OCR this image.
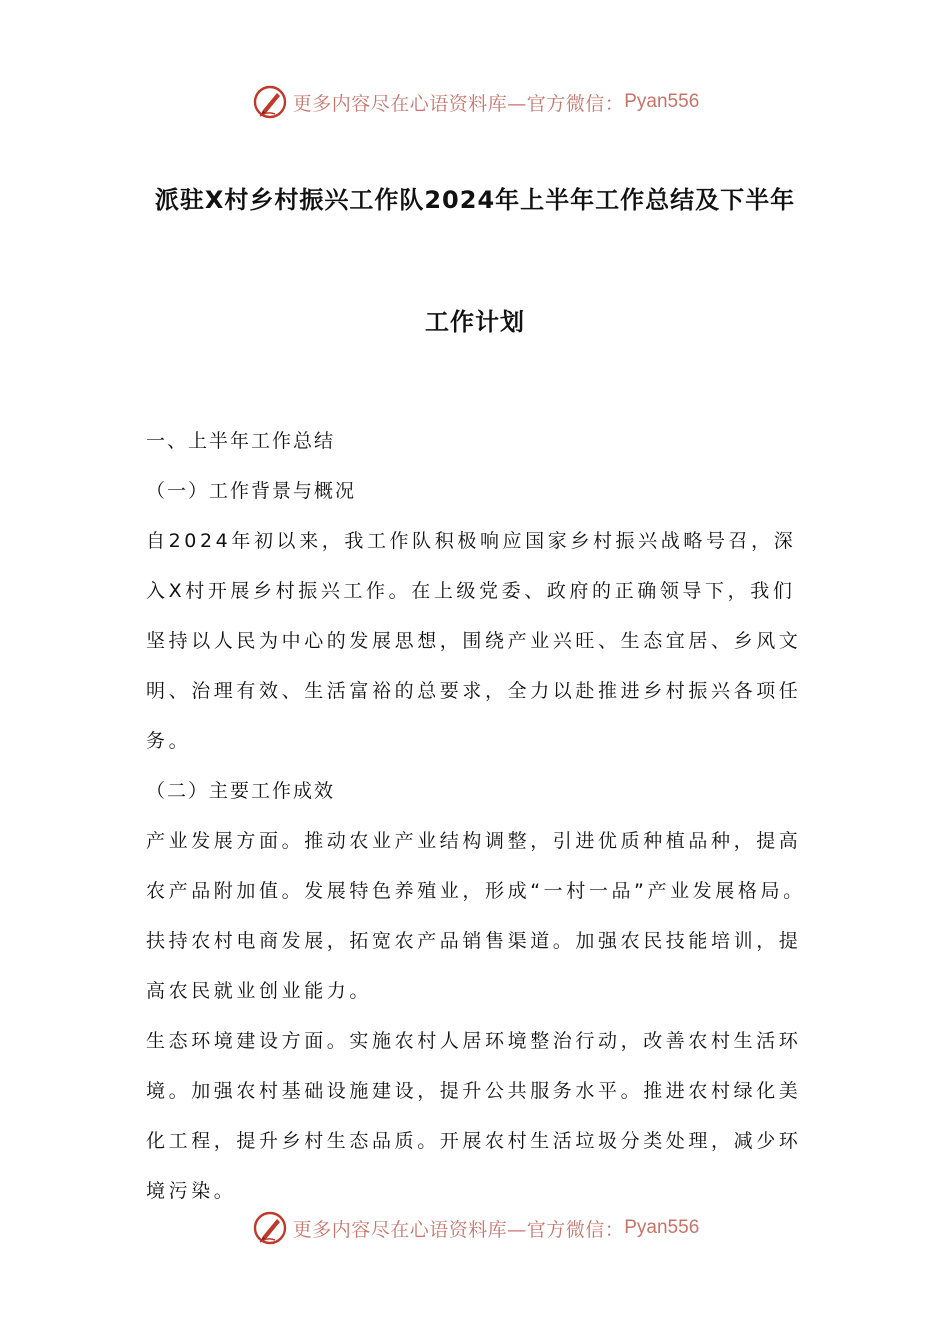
更多内容尽在心语资料库—官方微信： Pyan556
派驻X村乡村振兴工作队2024年上半年工作总结及下半年
工作计划

一、上半年工作总结

（一）工作背景与概况

自2024年初以来，我工作队积极响应国家乡村振兴战略号召，深入X村开展乡村振兴工作。在上级党委、政府的正确领导下，我们坚持以人民为中心的发展思想，围绕产业兴旺、生态宜居、乡风文明、治理有效、生活富裕的总要求，全力以赴推进乡村振兴各项任务。

（二）主要工作成效

产业发展方面。推动农业产业结构调整，引进优质种植品种，提高农产品附加值。发展特色养殖业，形成“一村一品”产业发展格局。扶持农村电商发展，拓宽农产品销售渠道。加强农民技能培训，提高农民就业创业能力。

生态环境建设方面。实施农村人居环境整治行动，改善农村生活环境。加强农村基础设施建设，提升公共服务水平。推进农村绿化美化工程，提升乡村生态品质。开展农村生活垃圾分类处理，减少环境污染。

更多内容尽在心语资料库—官方微信： Pyan556
